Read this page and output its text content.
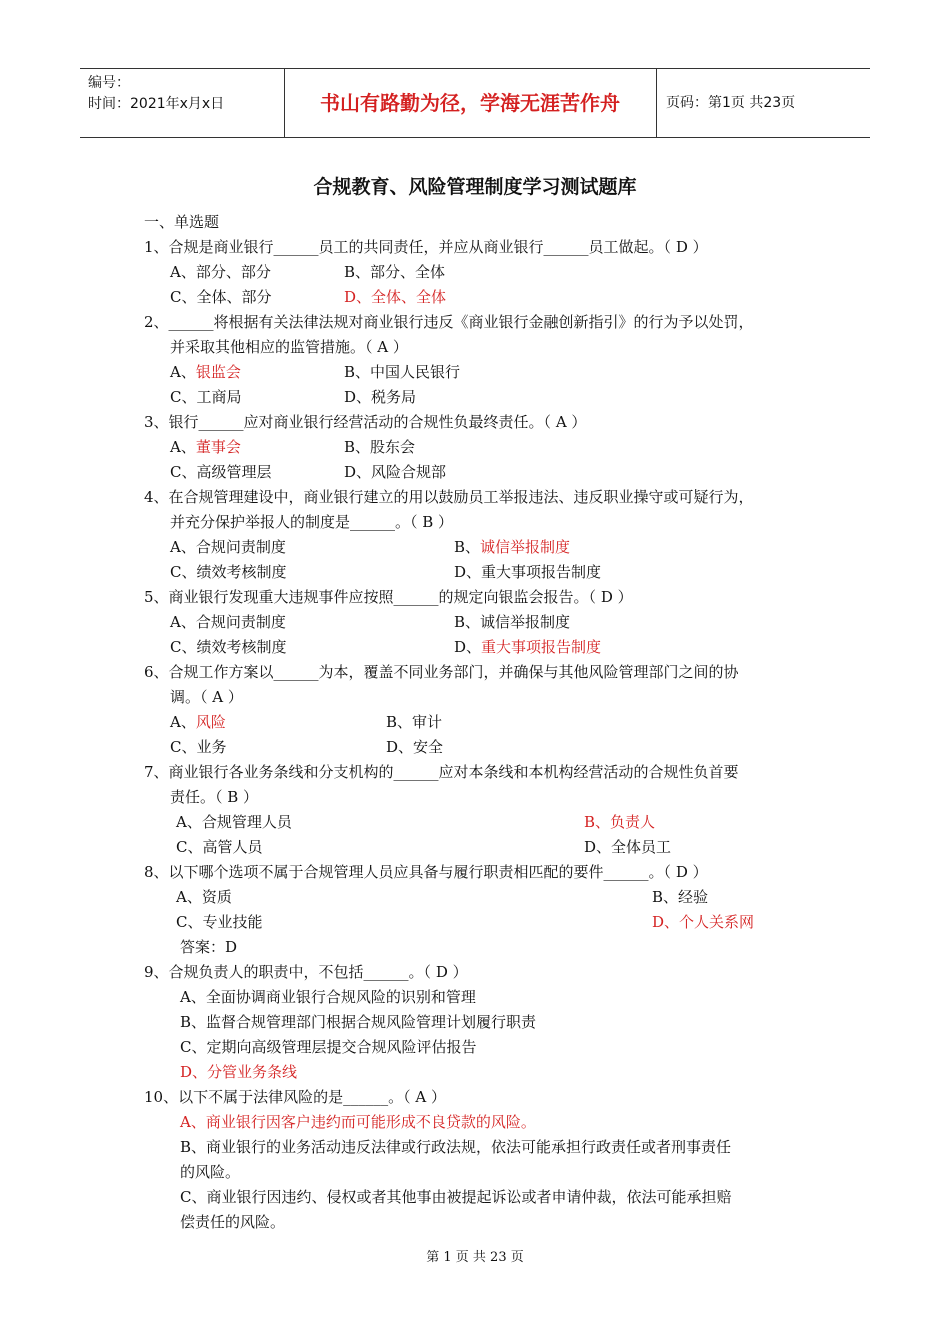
编号：
时间：2021年x月x日	书山有路勤为径，学海无涯苦作舟	页码：第1页 共23页
合规教育、风险管理制度学习测试题库
一、单选题
1、合规是商业银行______员工的共同责任，并应从商业银行______员工做起。（ D ）
A、部分、部分	B、部分、全体
C、全体、部分	D、全体、全体
2、______将根据有关法律法规对商业银行违反《商业银行金融创新指引》的行为予以处罚，
并采取其他相应的监管措施。（ A ）
A、银监会	B、中国人民银行
C、工商局	D、税务局
3、银行______应对商业银行经营活动的合规性负最终责任。（ A ）
A、董事会	B、股东会
C、高级管理层	D、风险合规部
4、在合规管理建设中，商业银行建立的用以鼓励员工举报违法、违反职业操守或可疑行为，
并充分保护举报人的制度是______。（ B ）
A、合规问责制度	B、诚信举报制度
C、绩效考核制度	D、重大事项报告制度
5、商业银行发现重大违规事件应按照______的规定向银监会报告。（ D ）
A、合规问责制度	B、诚信举报制度
C、绩效考核制度	D、重大事项报告制度
6、合规工作方案以______为本，覆盖不同业务部门，并确保与其他风险管理部门之间的协
调。（ A ）
A、风险	B、审计
C、业务	D、安全
7、商业银行各业务条线和分支机构的______应对本条线和本机构经营活动的合规性负首要
责任。（ B ）
A、合规管理人员	B、负责人
C、高管人员	D、全体员工
8、以下哪个选项不属于合规管理人员应具备与履行职责相匹配的要件______。（ D ）
A、资质	B、经验
C、专业技能	D、个人关系网
答案：D
9、合规负责人的职责中，不包括______。（ D ）
A、全面协调商业银行合规风险的识别和管理
B、监督合规管理部门根据合规风险管理计划履行职责
C、定期向高级管理层提交合规风险评估报告
D、分管业务条线
10、以下不属于法律风险的是______。（ A ）
A、商业银行因客户违约而可能形成不良贷款的风险。
B、商业银行的业务活动违反法律或行政法规，依法可能承担行政责任或者刑事责任
的风险。
C、商业银行因违约、侵权或者其他事由被提起诉讼或者申请仲裁，依法可能承担赔
偿责任的风险。
第 1 页 共 23 页
